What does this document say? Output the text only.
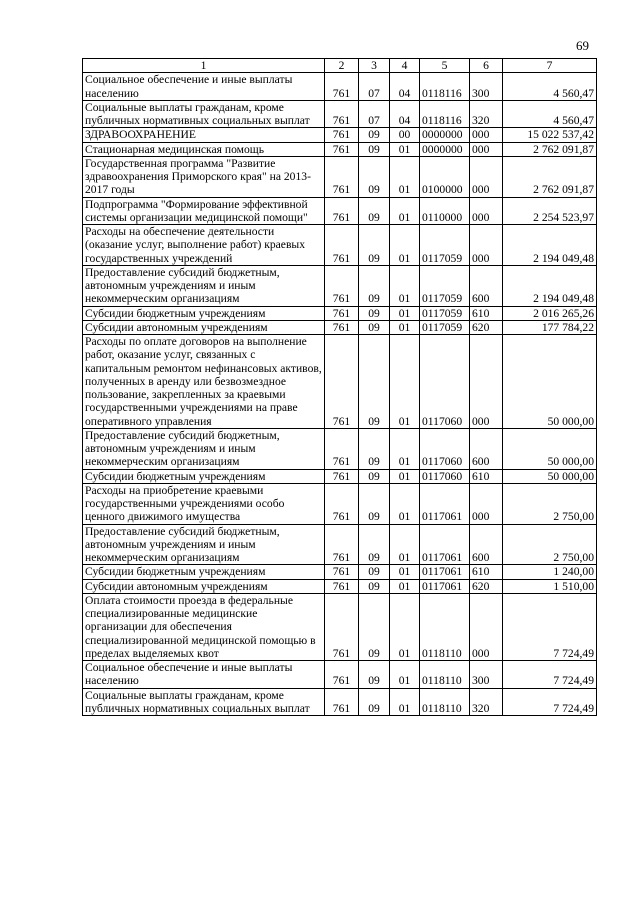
69
1	2	3	4	5	6	7
Социальное обеспечение и иные выплаты населению	761	07	04	0118116	300	4 560,47
Социальные выплаты гражданам, кроме публичных нормативных социальных выплат	761	07	04	0118116	320	4 560,47
ЗДРАВООХРАНЕНИЕ	761	09	00	0000000	000	15 022 537,42
Стационарная медицинская помощь	761	09	01	0000000	000	2 762 091,87
Государственная программа "Развитие здравоохранения Приморского края" на 2013-2017 годы	761	09	01	0100000	000	2 762 091,87
Подпрограмма "Формирование эффективной системы организации медицинской помощи"	761	09	01	0110000	000	2 254 523,97
Расходы на обеспечение деятельности (оказание услуг, выполнение работ) краевых государственных учреждений	761	09	01	0117059	000	2 194 049,48
Предоставление субсидий бюджетным, автономным учреждениям и иным некоммерческим организациям	761	09	01	0117059	600	2 194 049,48
Субсидии бюджетным учреждениям	761	09	01	0117059	610	2 016 265,26
Субсидии автономным учреждениям	761	09	01	0117059	620	177 784,22
Расходы по оплате договоров на выполнение работ, оказание услуг, связанных с капитальным ремонтом нефинансовых активов, полученных в аренду или безвозмездное пользование, закрепленных за краевыми государственными учреждениями на праве оперативного управления	761	09	01	0117060	000	50 000,00
Предоставление субсидий бюджетным, автономным учреждениям и иным некоммерческим организациям	761	09	01	0117060	600	50 000,00
Субсидии бюджетным учреждениям	761	09	01	0117060	610	50 000,00
Расходы на приобретение краевыми государственными учреждениями особо ценного движимого имущества	761	09	01	0117061	000	2 750,00
Предоставление субсидий бюджетным, автономным учреждениям и иным некоммерческим организациям	761	09	01	0117061	600	2 750,00
Субсидии бюджетным учреждениям	761	09	01	0117061	610	1 240,00
Субсидии автономным учреждениям	761	09	01	0117061	620	1 510,00
Оплата стоимости проезда в федеральные специализированные медицинские организации для обеспечения специализированной медицинской помощью в пределах выделяемых квот	761	09	01	0118110	000	7 724,49
Социальное обеспечение и иные выплаты населению	761	09	01	0118110	300	7 724,49
Социальные выплаты гражданам, кроме публичных нормативных социальных выплат	761	09	01	0118110	320	7 724,49
